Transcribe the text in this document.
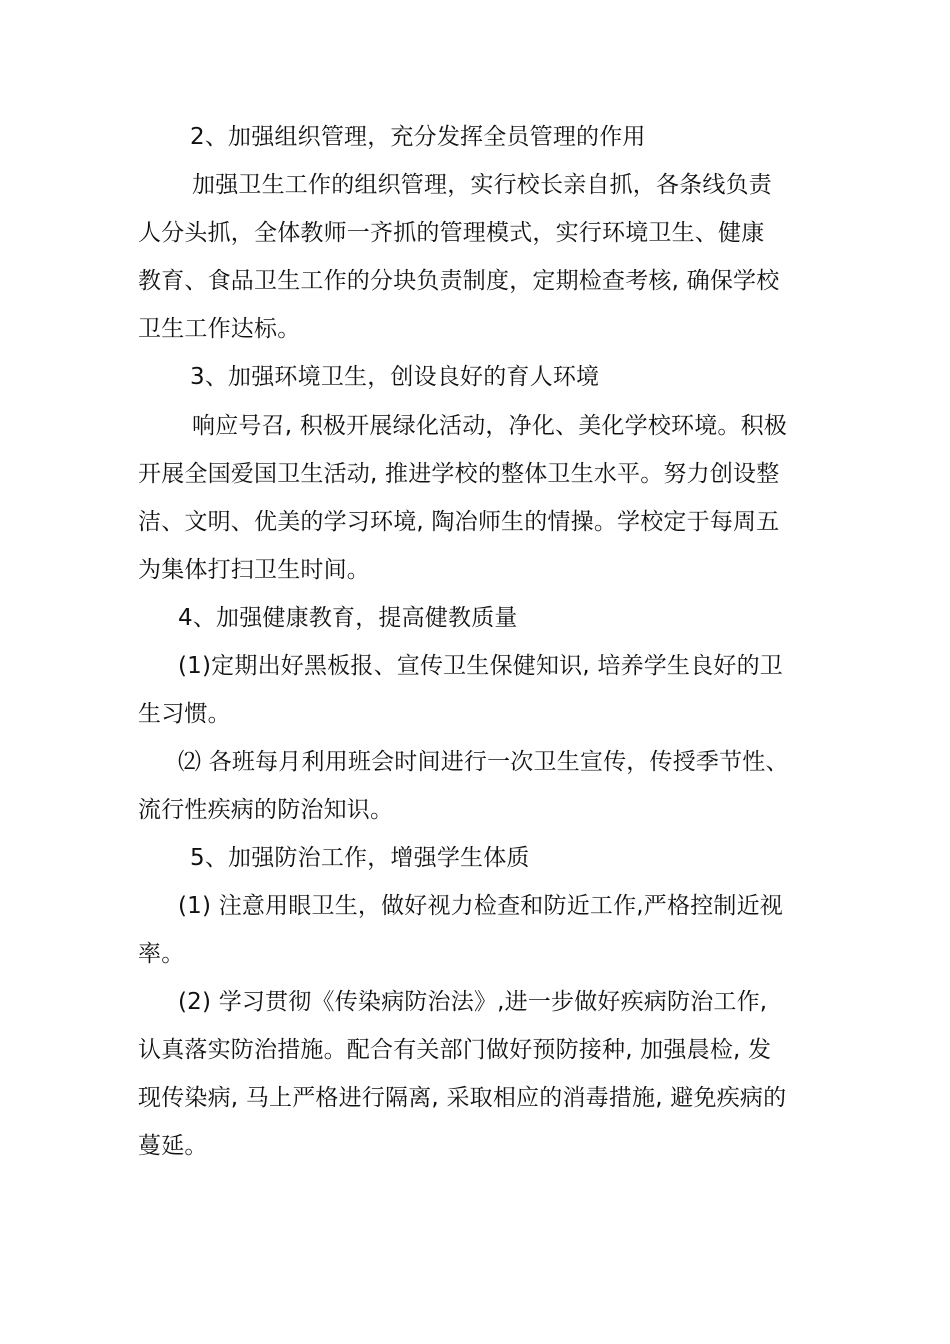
2、加强组织管理，充分发挥全员管理的作用
加强卫生工作的组织管理，实行校长亲自抓，各条线负责
人分头抓，全体教师一齐抓的管理模式，实行环境卫生、健康
教育、食品卫生工作的分块负责制度，定期检查考核, 确保学校
卫生工作达标。
3、加强环境卫生，创设良好的育人环境
响应号召, 积极开展绿化活动，净化、美化学校环境。积极
开展全国爱国卫生活动, 推进学校的整体卫生水平。努力创设整
洁、文明、优美的学习环境, 陶冶师生的情操。学校定于每周五
为集体打扫卫生时间。
4、加强健康教育，提高健教质量
(1)定期出好黑板报、宣传卫生保健知识, 培养学生良好的卫
生习惯。
⑵ 各班每月利用班会时间进行一次卫生宣传，传授季节性、
流行性疾病的防治知识。
5、加强防治工作，增强学生体质
(1) 注意用眼卫生，做好视力检查和防近工作,严格控制近视
率。
(2) 学习贯彻《传染病防治法》,进一步做好疾病防治工作,
认真落实防治措施。配合有关部门做好预防接种, 加强晨检, 发
现传染病, 马上严格进行隔离, 采取相应的消毒措施, 避免疾病的
蔓延。
